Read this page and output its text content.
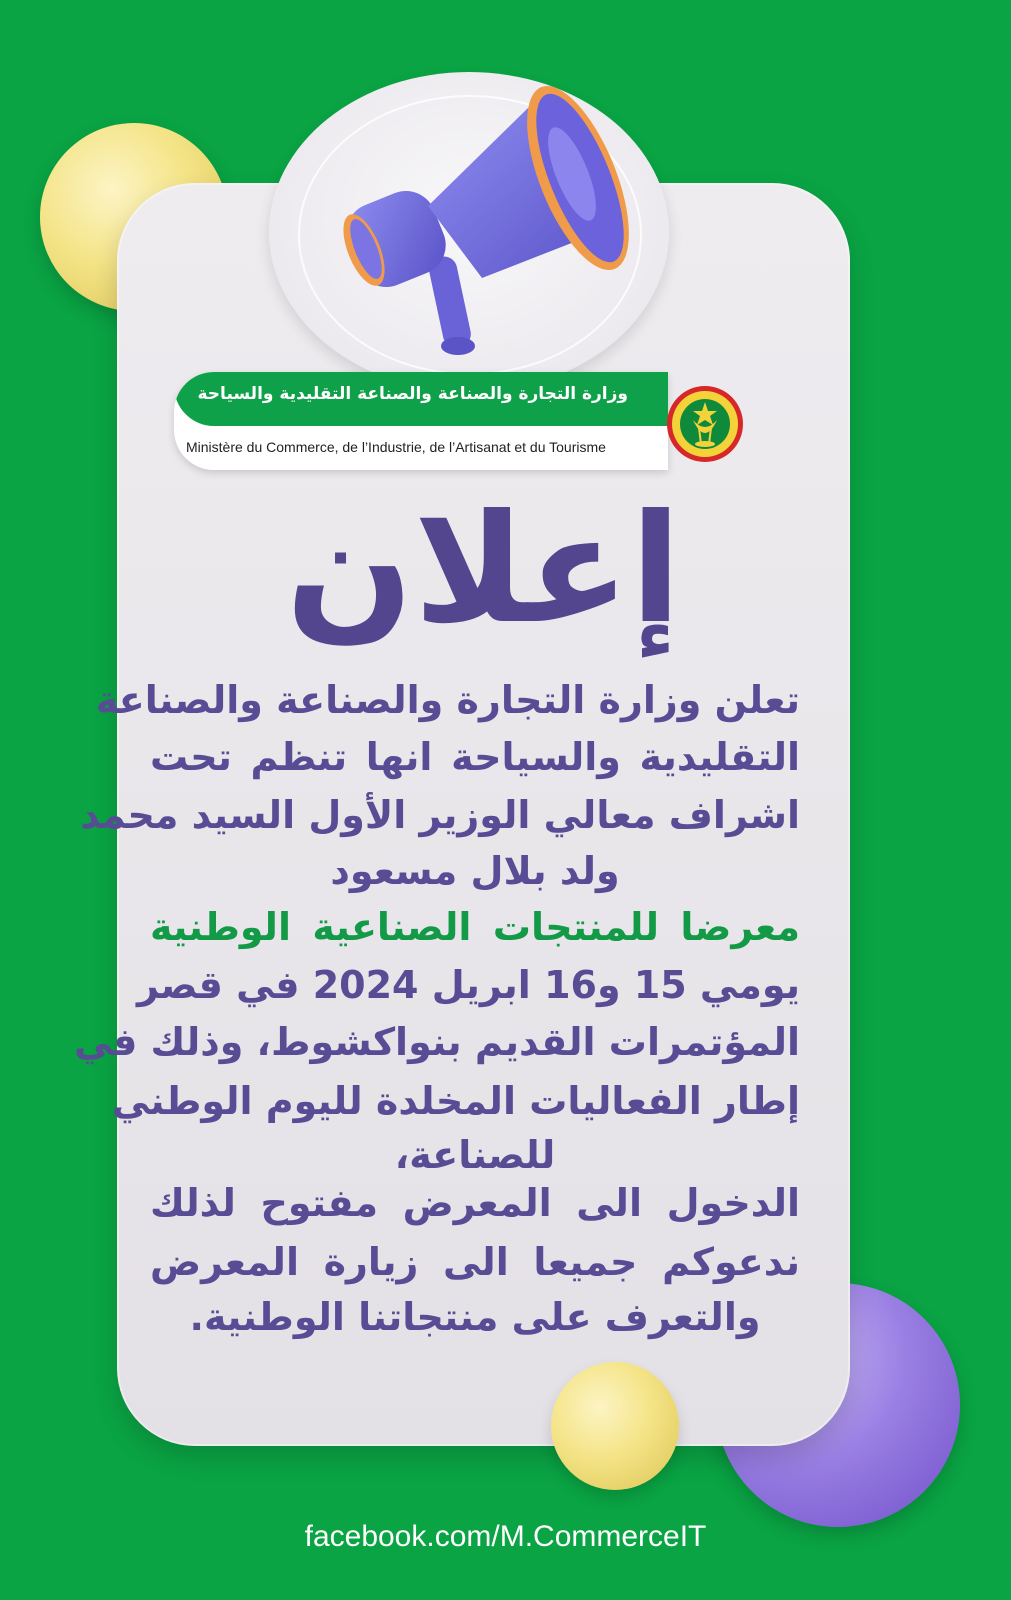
وزارة التجارة والصناعة والصناعة التقليدية والسياحة
Ministère du Commerce, de l’Industrie, de l’Artisanat et du Tourisme
إعلان
تعلن وزارة التجارة والصناعة والصناعة
التقليدية والسياحة انها تنظم تحت
اشراف معالي الوزير الأول السيد محمد
ولد بلال مسعود
معرضا للمنتجات الصناعية الوطنية
يومي 15 و16 ابريل 2024 في قصر
المؤتمرات القديم بنواكشوط، وذلك في
إطار الفعاليات المخلدة لليوم الوطني
للصناعة،
الدخول الى المعرض مفتوح لذلك
ندعوكم جميعا الى زيارة المعرض
والتعرف على منتجاتنا الوطنية.
facebook.com/M.CommerceIT
